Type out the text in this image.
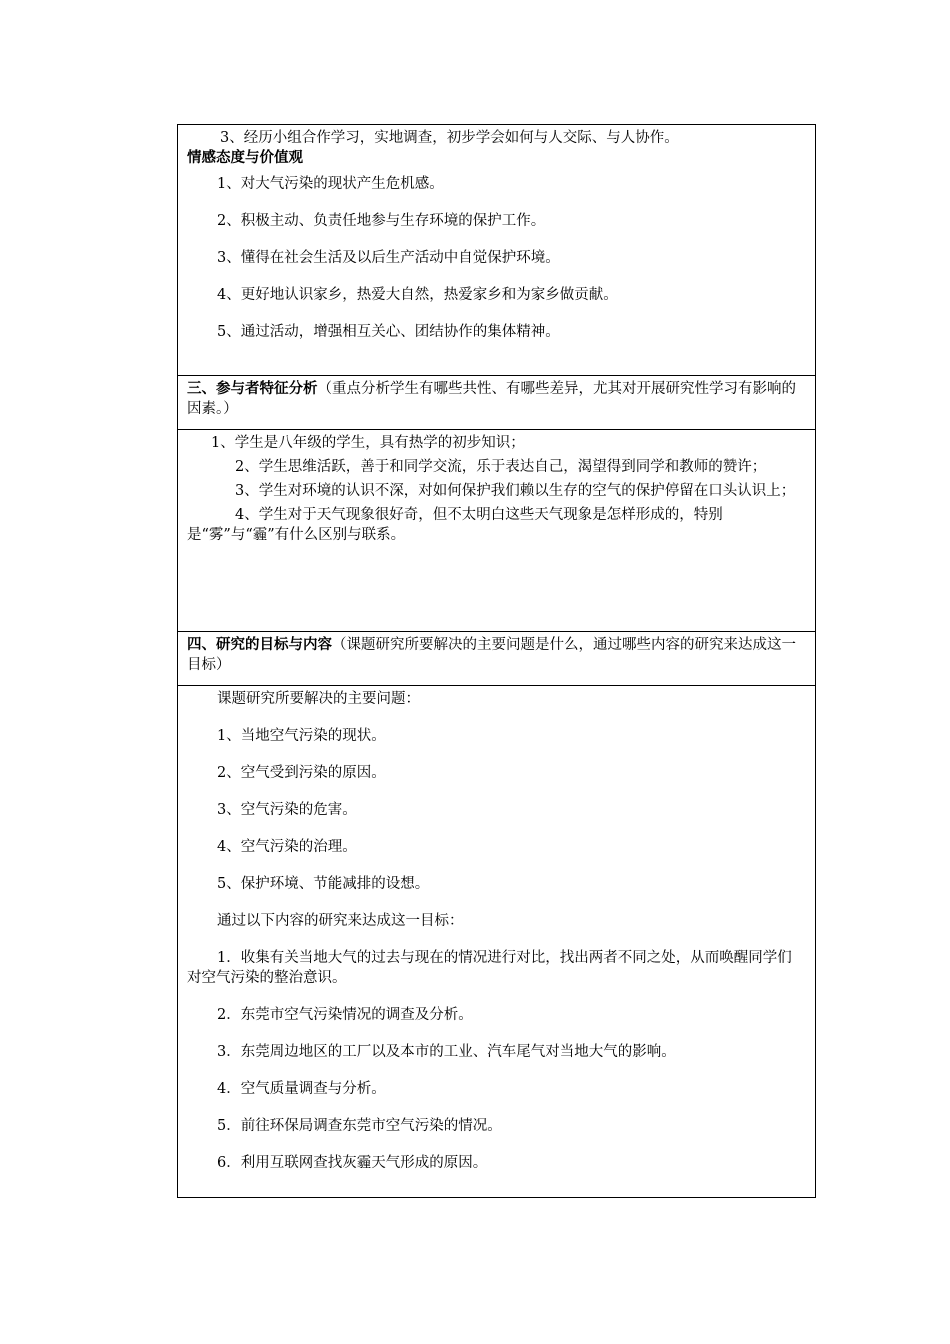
3、经历小组合作学习，实地调查，初步学会如何与人交际、与人协作。

情感态度与价值观

1、对大气污染的现状产生危机感。

2、积极主动、负责任地参与生存环境的保护工作。

3、懂得在社会生活及以后生产活动中自觉保护环境。

4、更好地认识家乡，热爱大自然，热爱家乡和为家乡做贡献。

5、通过活动，增强相互关心、团结协作的集体精神。

三、参与者特征分析（重点分析学生有哪些共性、有哪些差异，尤其对开展研究性学习有影响的因素。）

1、学生是八年级的学生，具有热学的初步知识；

2、学生思维活跃，善于和同学交流，乐于表达自己，渴望得到同学和教师的赞许；

3、学生对环境的认识不深，对如何保护我们赖以生存的空气的保护停留在口头认识上；

4、学生对于天气现象很好奇，但不太明白这些天气现象是怎样形成的，特别是“雾”与“霾”有什么区别与联系。

四、研究的目标与内容（课题研究所要解决的主要问题是什么，通过哪些内容的研究来达成这一目标）

课题研究所要解决的主要问题：

1、当地空气污染的现状。

2、空气受到污染的原因。

3、空气污染的危害。

4、空气污染的治理。

5、保护环境、节能减排的设想。

通过以下内容的研究来达成这一目标：

1．收集有关当地大气的过去与现在的情况进行对比，找出两者不同之处，从而唤醒同学们对空气污染的整治意识。

2．东莞市空气污染情况的调查及分析。

3．东莞周边地区的工厂以及本市的工业、汽车尾气对当地大气的影响。

4．空气质量调查与分析。

5．前往环保局调查东莞市空气污染的情况。

6．利用互联网查找灰霾天气形成的原因。
